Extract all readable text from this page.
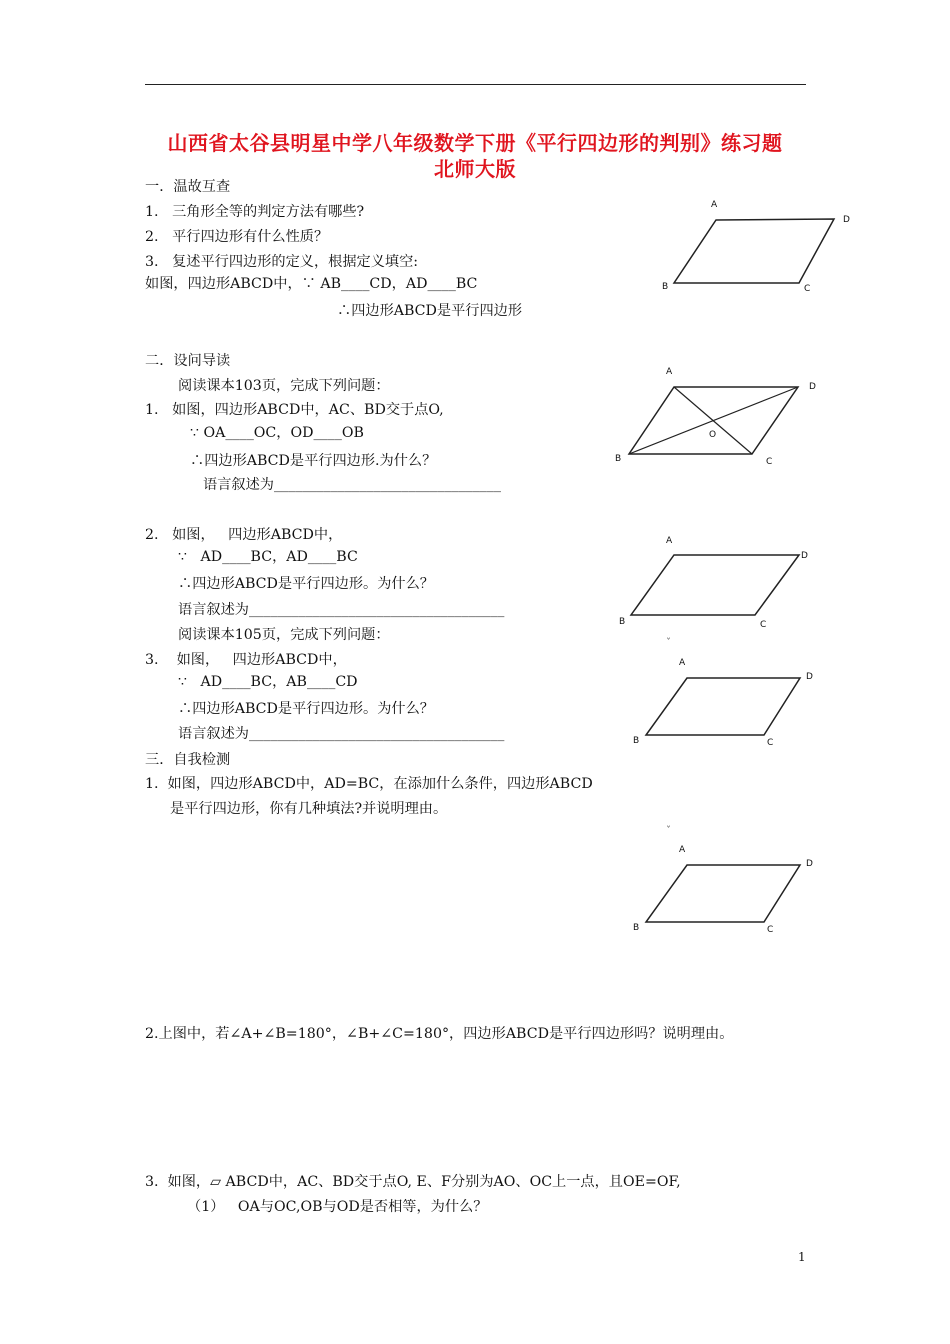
山西省太谷县明星中学八年级数学下册《平行四边形的判别》练习题
北师大版
一．温故互查
1.   三角形全等的判定方法有哪些?
2.   平行四边形有什么性质？
3.   复述平行四边形的定义，根据定义填空:
如图，四边形ABCD中，∵ AB____CD，AD____BC
∴四边形ABCD是平行四边形
A
D
B	C
二．设问导读
阅读课本103页，完成下列问题：
1.   如图，四边形ABCD中，AC、BD交于点O,
∵ OA____OC，OD____OB
∴四边形ABCD是平行四边形.为什么？
语言叙述为________________________________
A
D
B	C
O
2.   如图，   四边形ABCD中，
∵   AD____BC，AD____BC
∴四边形ABCD是平行四边形。为什么？
语言叙述为____________________________________
阅读课本105页，完成下列问题：
A
D
B	C
ˇ
3.    如图，   四边形ABCD中，
∵   AD____BC，AB____CD
∴四边形ABCD是平行四边形。为什么？
语言叙述为____________________________________
A
D
B	C
三．自我检测
1.  如图，四边形ABCD中，AD=BC，在添加什么条件，四边形ABCD
是平行四边形，你有几种填法?并说明理由。
ˇ
A
D
B	C
2.上图中，若∠A+∠B=180°，∠B+∠C=180°，四边形ABCD是平行四边形吗？说明理由。
3.  如图，▱ ABCD中，AC、BD交于点O, E、F分别为AO、OC上一点，且OE=OF,
（1）   OA与OC,OB与OD是否相等，为什么？
1
